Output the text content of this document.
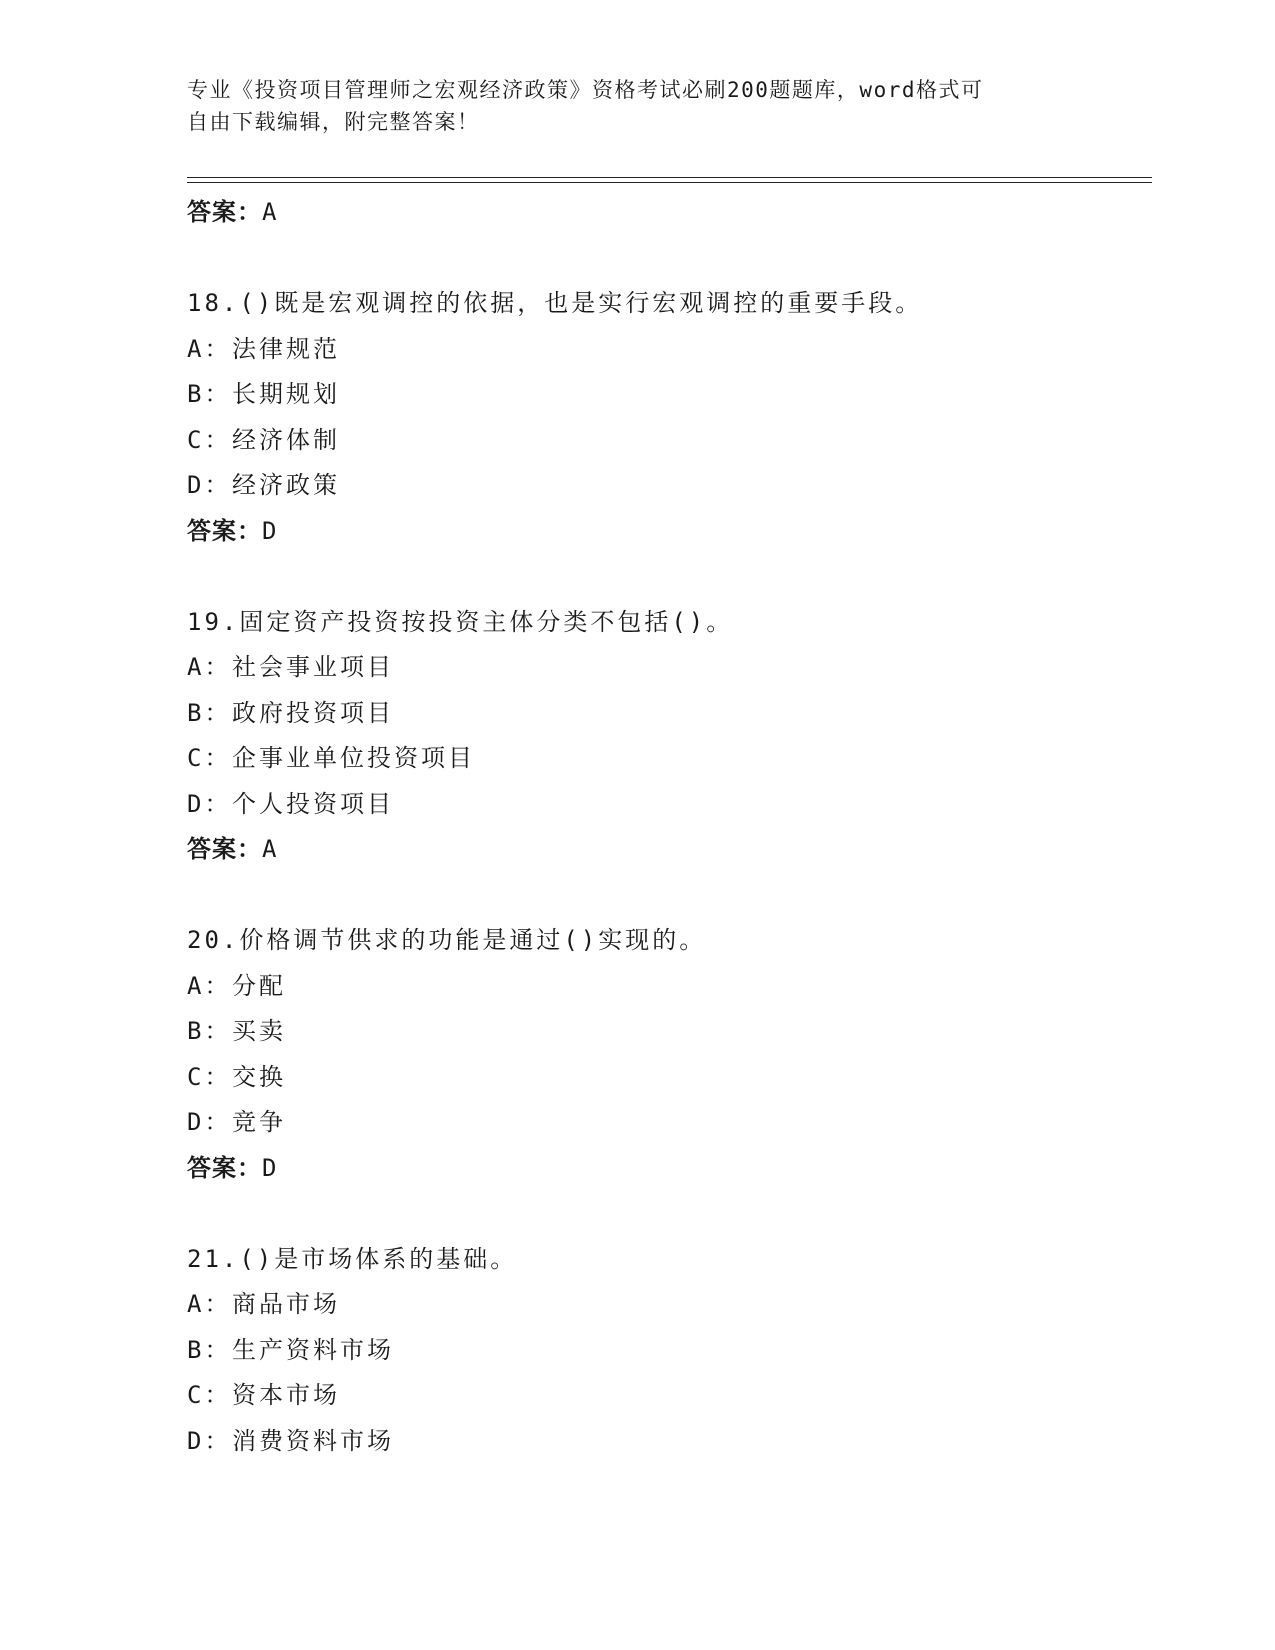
专业《投资项目管理师之宏观经济政策》资格考试必刷200题题库，word格式可
自由下载编辑，附完整答案！
答案：A
18.()既是宏观调控的依据，也是实行宏观调控的重要手段。
A：法律规范
B：长期规划
C：经济体制
D：经济政策
答案：D
19.固定资产投资按投资主体分类不包括()。
A：社会事业项目
B：政府投资项目
C：企事业单位投资项目
D：个人投资项目
答案：A
20.价格调节供求的功能是通过()实现的。
A：分配
B：买卖
C：交换
D：竞争
答案：D
21.()是市场体系的基础。
A：商品市场
B：生产资料市场
C：资本市场
D：消费资料市场
